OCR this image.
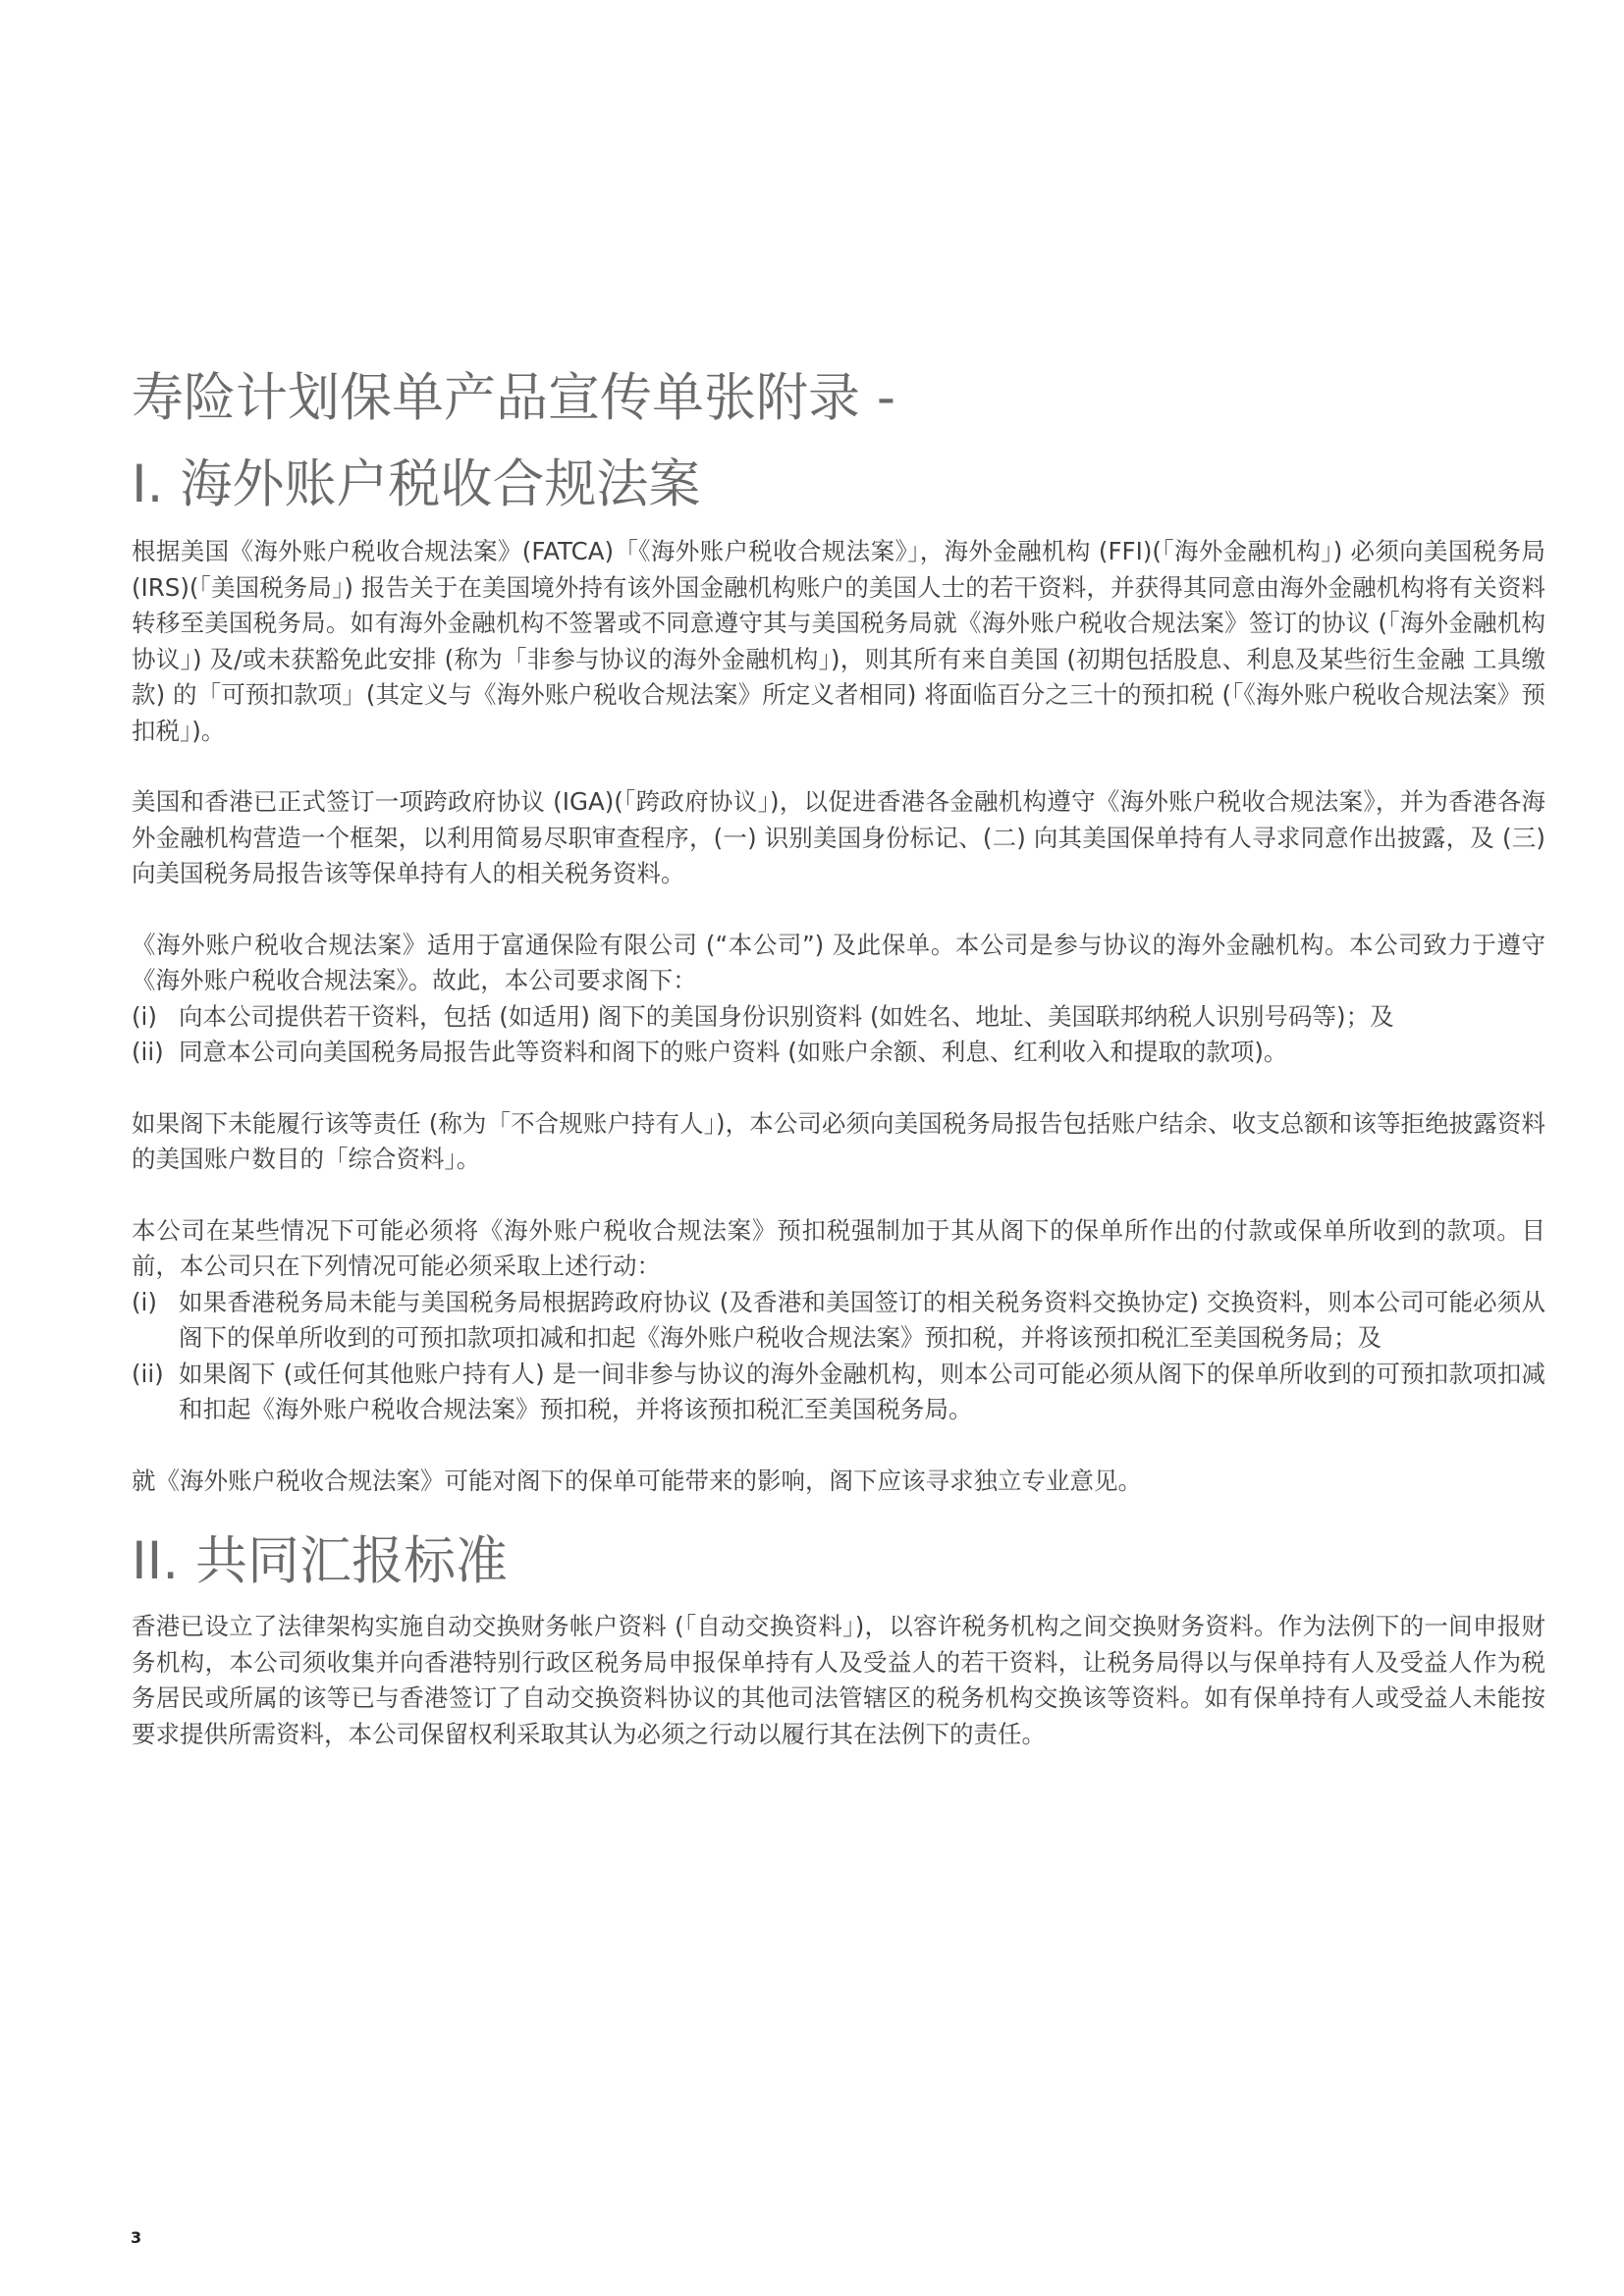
寿险计划保单产品宣传单张附录 -
I. 海外账户税收合规法案

根据美国《海外账户税收合规法案》(FATCA)「《海外账户税收合规法案》」，海外金融机构 (FFI)(「海外金融机构」) 必须向美国税务局 (IRS)(「美国税务局」) 报告关于在美国境外持有该外国金融机构账户的美国人士的若干资料，并获得其同意由海外金融机构将有关资料转移至美国税务局。如有海外金融机构不签署或不同意遵守其与美国税务局就《海外账户税收合规法案》签订的协议 (「海外金融机构协议」) 及/或未获豁免此安排 (称为「非参与协议的海外金融机构」)，则其所有来自美国 (初期包括股息、利息及某些衍生金融 工具缴款) 的「可预扣款项」(其定义与《海外账户税收合规法案》所定义者相同) 将面临百分之三十的预扣税 (「《海外账户税收合规法案》预扣税」)。

美国和香港已正式签订一项跨政府协议 (IGA)(「跨政府协议」)，以促进香港各金融机构遵守《海外账户税收合规法案》，并为香港各海外金融机构营造一个框架，以利用简易尽职审查程序，(一) 识别美国身份标记、(二) 向其美国保单持有人寻求同意作出披露，及 (三) 向美国税务局报告该等保单持有人的相关税务资料。

《海外账户税收合规法案》适用于富通保险有限公司 (“本公司”) 及此保单。本公司是参与协议的海外金融机构。本公司致力于遵守《海外账户税收合规法案》。故此，本公司要求阁下：

(i) 向本公司提供若干资料，包括 (如适用) 阁下的美国身份识别资料 (如姓名、地址、美国联邦纳税人识别号码等)；及
(ii) 同意本公司向美国税务局报告此等资料和阁下的账户资料 (如账户余额、利息、红利收入和提取的款项)。

如果阁下未能履行该等责任 (称为「不合规账户持有人」)，本公司必须向美国税务局报告包括账户结余、收支总额和该等拒绝披露资料的美国账户数目的「综合资料」。

本公司在某些情况下可能必须将《海外账户税收合规法案》预扣税强制加于其从阁下的保单所作出的付款或保单所收到的款项。目前，本公司只在下列情况可能必须采取上述行动：

(i) 如果香港税务局未能与美国税务局根据跨政府协议 (及香港和美国签订的相关税务资料交换协定) 交换资料，则本公司可能必须从阁下的保单所收到的可预扣款项扣减和扣起《海外账户税收合规法案》预扣税，并将该预扣税汇至美国税务局；及
(ii) 如果阁下 (或任何其他账户持有人) 是一间非参与协议的海外金融机构，则本公司可能必须从阁下的保单所收到的可预扣款项扣减和扣起《海外账户税收合规法案》预扣税，并将该预扣税汇至美国税务局。

就《海外账户税收合规法案》可能对阁下的保单可能带来的影响，阁下应该寻求独立专业意见。

II. 共同汇报标准

香港已设立了法律架构实施自动交换财务帐户资料 (「自动交换资料」)，以容许税务机构之间交换财务资料。作为法例下的一间申报财务机构，本公司须收集并向香港特别行政区税务局申报保单持有人及受益人的若干资料，让税务局得以与保单持有人及受益人作为税务居民或所属的该等已与香港签订了自动交换资料协议的其他司法管辖区的税务机构交换该等资料。如有保单持有人或受益人未能按要求提供所需资料，本公司保留权利采取其认为必须之行动以履行其在法例下的责任。

3
